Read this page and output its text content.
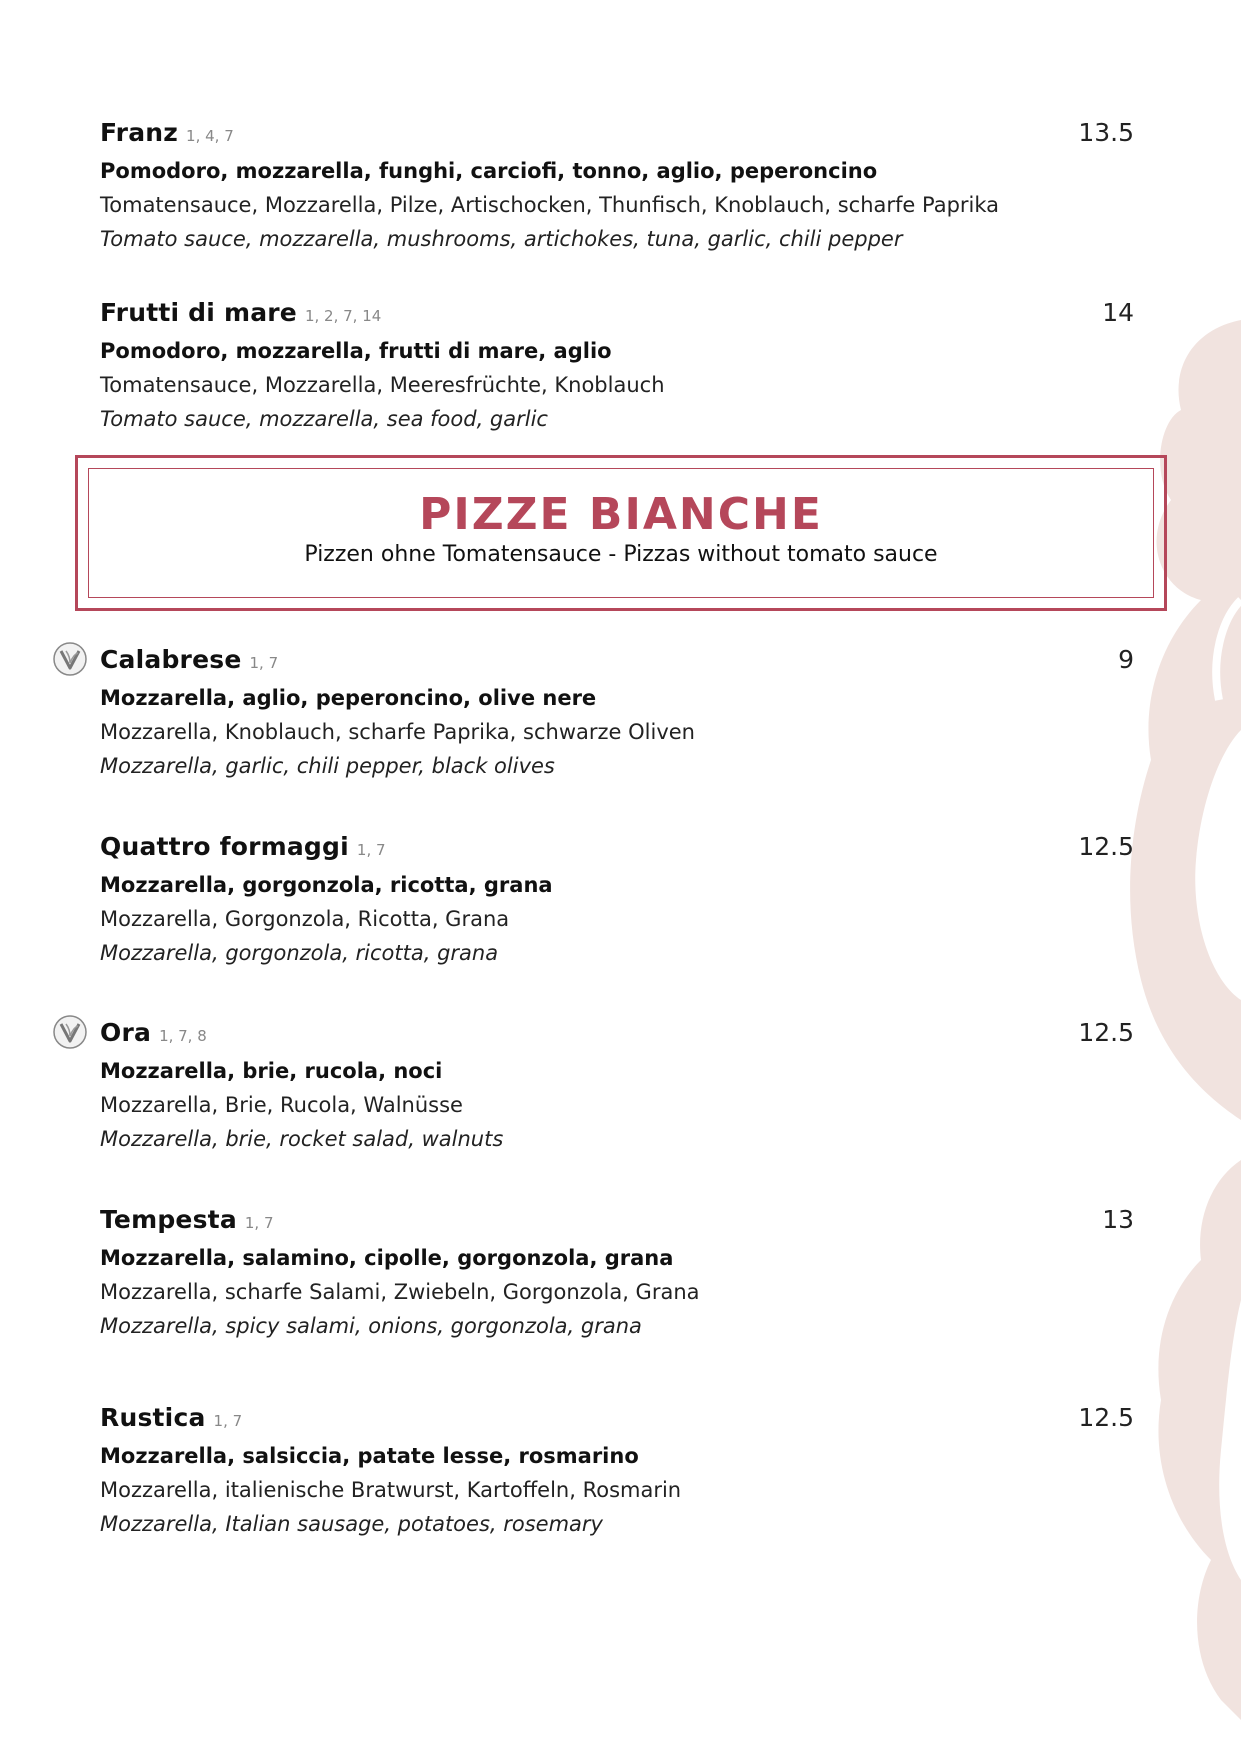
Franz 1, 4, 7	13.5
Pomodoro, mozzarella, funghi, carciofi, tonno, aglio, peperoncino
Tomatensauce, Mozzarella, Pilze, Artischocken, Thunfisch, Knoblauch, scharfe Paprika
Tomato sauce, mozzarella, mushrooms, artichokes, tuna, garlic, chili pepper
Frutti di mare 1, 2, 7, 14	14
Pomodoro, mozzarella, frutti di mare, aglio
Tomatensauce, Mozzarella, Meeresfrüchte, Knoblauch
Tomato sauce, mozzarella, sea food, garlic
PIZZE BIANCHE
Pizzen ohne Tomatensauce - Pizzas without tomato sauce
Calabrese 1, 7	9
Mozzarella, aglio, peperoncino, olive nere
Mozzarella, Knoblauch, scharfe Paprika, schwarze Oliven
Mozzarella, garlic, chili pepper, black olives
Quattro formaggi 1, 7	12.5
Mozzarella, gorgonzola, ricotta, grana
Mozzarella, Gorgonzola, Ricotta, Grana
Mozzarella, gorgonzola, ricotta, grana
Ora 1, 7, 8	12.5
Mozzarella, brie, rucola, noci
Mozzarella, Brie, Rucola, Walnüsse
Mozzarella, brie, rocket salad, walnuts
Tempesta 1, 7	13
Mozzarella, salamino, cipolle, gorgonzola, grana
Mozzarella, scharfe Salami, Zwiebeln, Gorgonzola, Grana
Mozzarella, spicy salami, onions, gorgonzola, grana
Rustica 1, 7	12.5
Mozzarella, salsiccia, patate lesse, rosmarino
Mozzarella, italienische Bratwurst, Kartoffeln, Rosmarin
Mozzarella, Italian sausage, potatoes, rosemary
